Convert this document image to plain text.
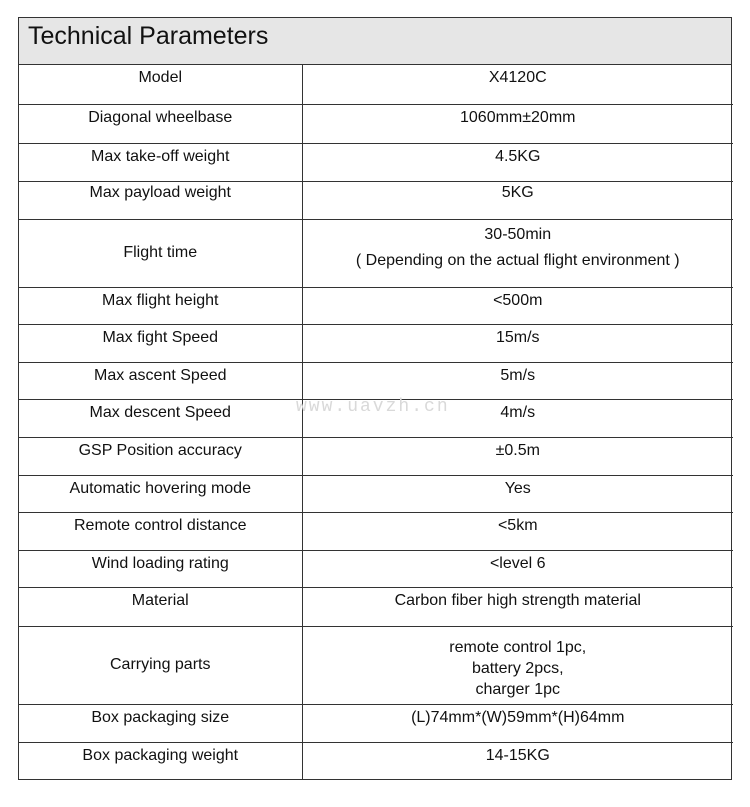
Technical Parameters
Model	X4120C

Diagonal wheelbase	1060mm±20mm

Max take-off weight	4.5KG

Max payload weight	5KG

Flight time	30-50min
( Depending on the actual flight environment )

Max flight height	<500m

Max fight Speed	15m/s

Max ascent Speed	5m/s

Max descent Speed	4m/s

GSP Position accuracy	±0.5m

Automatic hovering mode	Yes

Remote control distance	<5km

Wind loading rating	<level 6

Material	Carbon fiber high strength material

Carrying parts	remote control 1pc,
battery 2pcs,
charger 1pc

Box packaging size	(L)74mm*(W)59mm*(H)64mm

Box packaging weight	14-15KG
www.uavzh.cn
